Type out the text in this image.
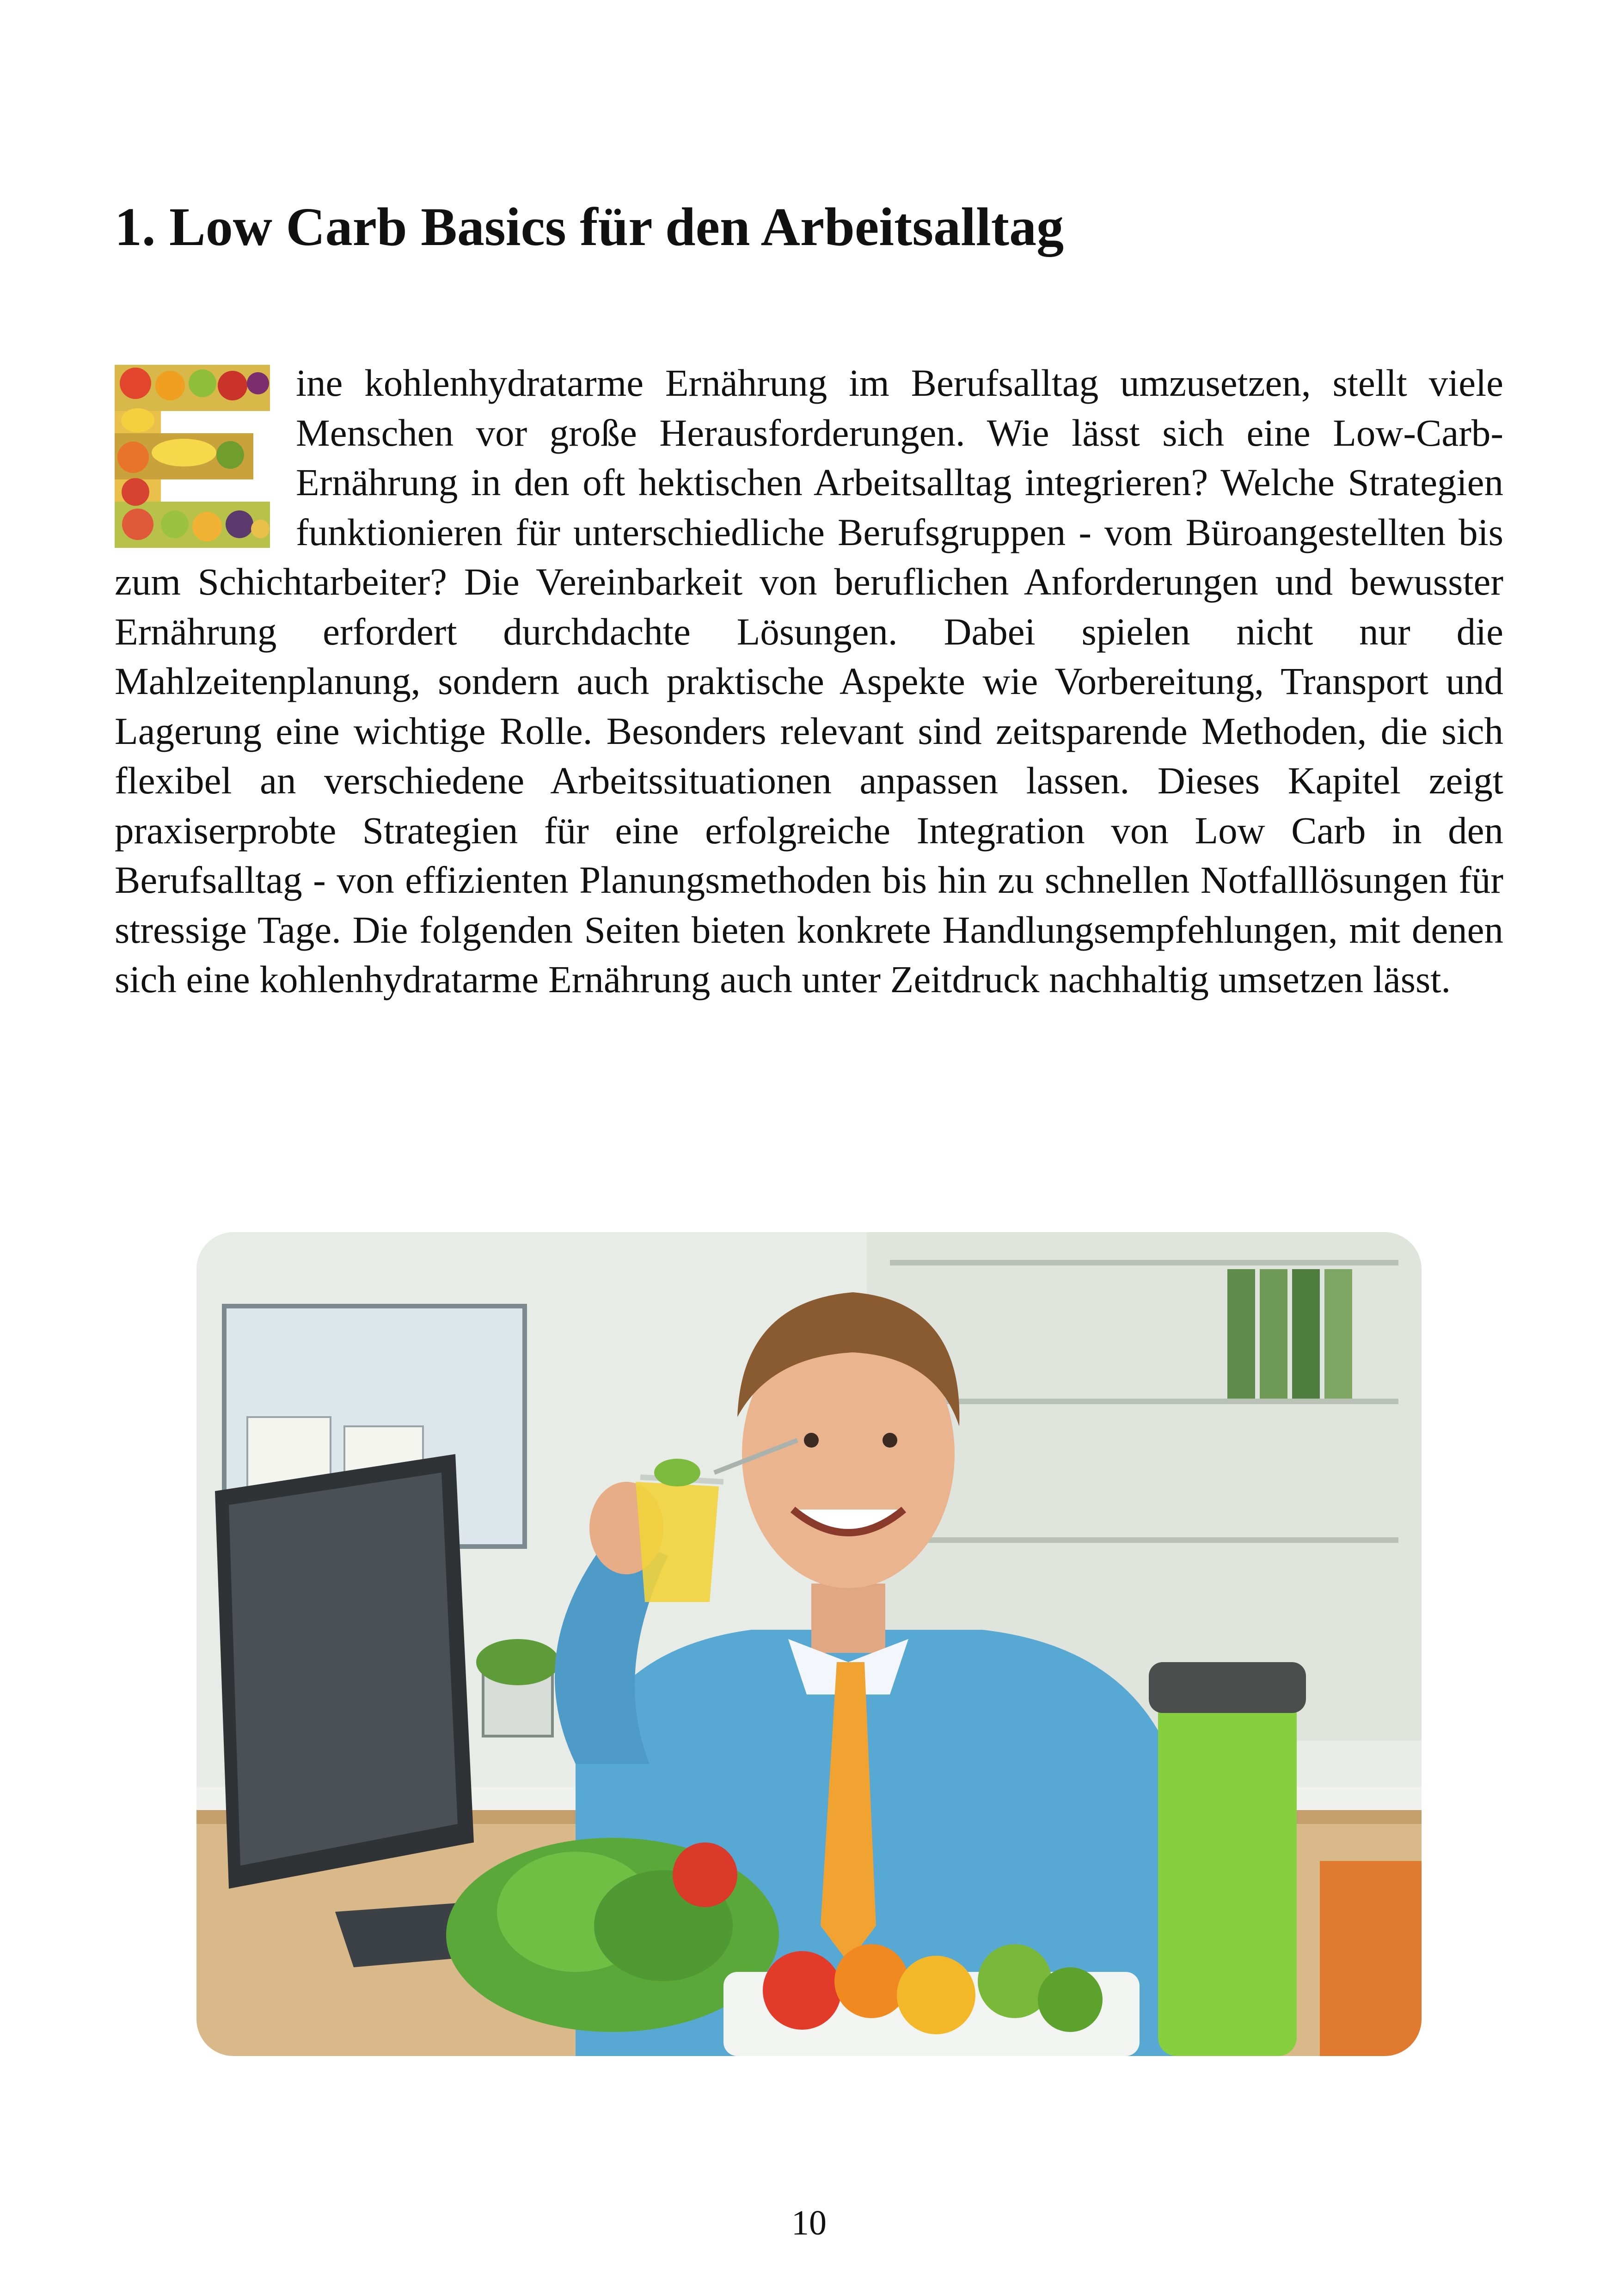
1. Low Carb Basics für den Arbeitsalltag

ine kohlenhydratarme Ernährung im Berufsalltag umzusetzen, stellt viele Menschen vor große Herausforderungen. Wie lässt sich eine Low-Carb-Ernährung in den oft hektischen Arbeitsalltag integrieren? Welche Strategien funktionieren für unterschiedliche Berufsgruppen - vom Büroangestellten bis zum Schichtarbeiter? Die Vereinbarkeit von beruflichen Anforderungen und bewusster Ernährung erfordert durchdachte Lösungen. Dabei spielen nicht nur die Mahlzeitenplanung, sondern auch praktische Aspekte wie Vorbereitung, Transport und Lagerung eine wichtige Rolle. Besonders relevant sind zeitsparende Methoden, die sich flexibel an verschiedene Arbeitssituationen anpassen lassen. Dieses Kapitel zeigt praxiserprobte Strategien für eine erfolgreiche Integration von Low Carb in den Berufsalltag - von effizienten Planungsmethoden bis hin zu schnellen Notfalllösungen für stressige Tage. Die folgenden Seiten bieten konkrete Handlungsempfehlungen, mit denen sich eine kohlenhydratarme Ernährung auch unter Zeitdruck nachhaltig umsetzen lässt.

10
